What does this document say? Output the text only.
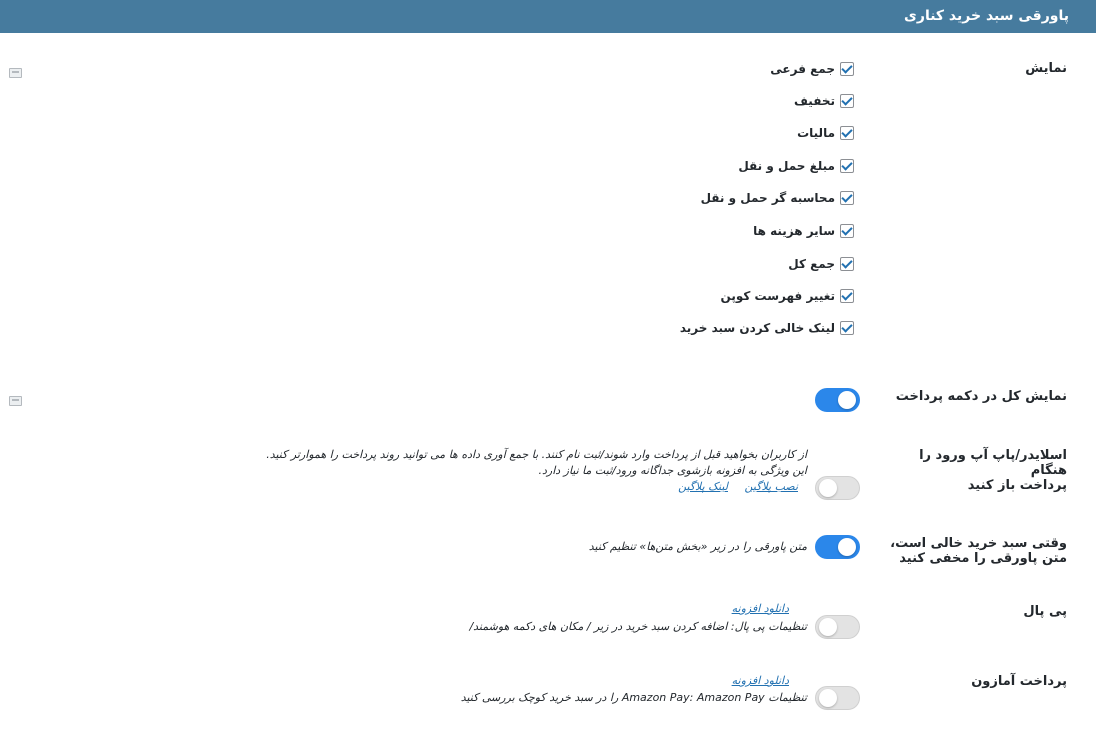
پاورقی سبد خرید کناری
نمایش
جمع فرعی
تخفیف
مالیات
مبلغ حمل و نقل
محاسبه گر حمل و نقل
سایر هزینه ها
جمع کل
تغییر فهرست کوپن
لینک خالی کردن سبد خرید
نمایش کل در دکمه پرداخت
اسلایدر/پاپ آپ ورود را هنگام
پرداخت باز کنید
از کاربران بخواهید قبل از پرداخت وارد شوند/ثبت نام کنند. با جمع آوری داده ها می توانید روند پرداخت را هموارتر کنید.
این ویژگی به افزونه بازشوی جداگانه ورود/ثبت ما نیاز دارد.
نصب پلاگین
لینک پلاگین
وقتی سبد خرید خالی است،
متن پاورقی را مخفی کنید
متن پاورقی را در زیر «بخش متن‌ها» تنظیم کنید
پی پال
دانلود افزونه
تنظیمات پی پال: اضافه کردن سبد خرید در زیر / مکان های دکمه هوشمند/
پرداخت آمازون
دانلود افزونه
تنظیمات Amazon Pay: Amazon Pay را در سبد خرید کوچک بررسی کنید
